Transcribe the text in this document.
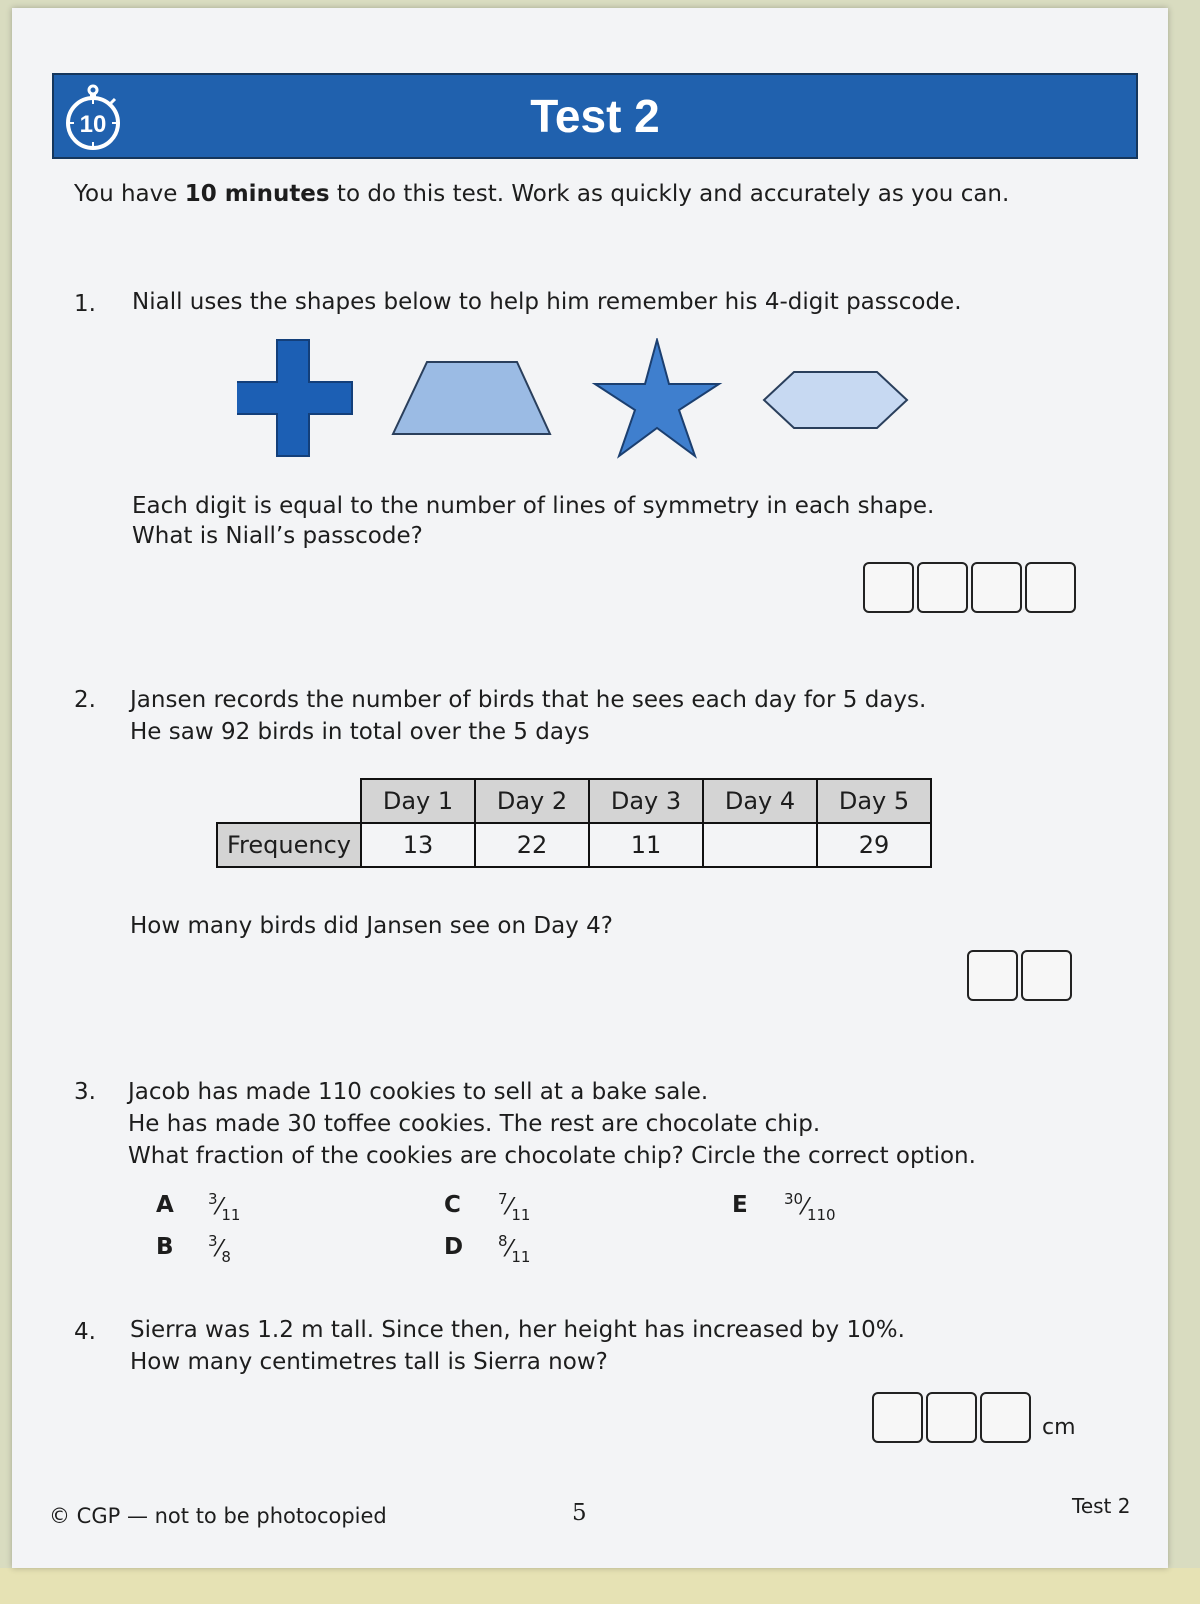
10	Test 2

You have 10 minutes to do this test. Work as quickly and accurately as you can.

1. Niall uses the shapes below to help him remember his 4-digit passcode.

Each digit is equal to the number of lines of symmetry in each shape.

What is Niall’s passcode?

2. Jansen records the number of birds that he sees each day for 5 days.

He saw 92 birds in total over the 5 days

	Day 1	Day 2	Day 3	Day 4	Day 5
Frequency	13	22	11		29

How many birds did Jansen see on Day 4?

3. Jacob has made 110 cookies to sell at a bake sale.

He has made 30 toffee cookies. The rest are chocolate chip.

What fraction of the cookies are chocolate chip? Circle the correct option.

A $^3⁄_{11}$
B $^3⁄_8$
C $^7⁄_{11}$
D $^8⁄_{11}$
E $^{30}⁄_{110}$
4. Sierra was 1.2 m tall. Since then, her height has increased by 10%.

How many centimetres tall is Sierra now?

cm
© CGP — not to be photocopied	5	Test 2
